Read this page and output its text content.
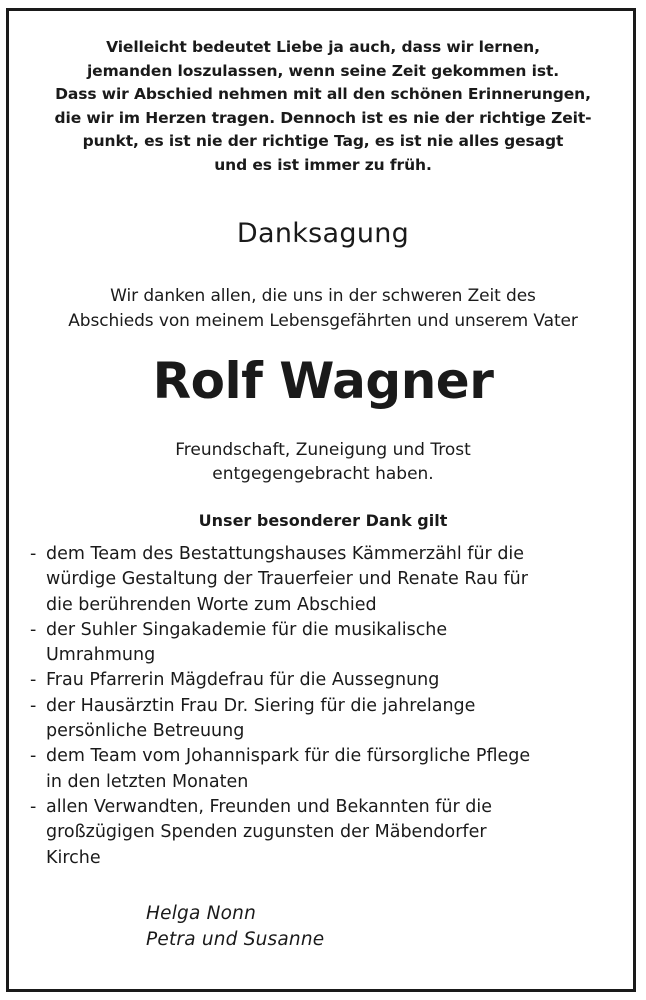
Vielleicht bedeutet Liebe ja auch, dass wir lernen,
jemanden loszulassen, wenn seine Zeit gekommen ist.
Dass wir Abschied nehmen mit all den schönen Erinnerungen,
die wir im Herzen tragen. Dennoch ist es nie der richtige Zeit-
punkt, es ist nie der richtige Tag, es ist nie alles gesagt
und es ist immer zu früh.
Danksagung
Wir danken allen, die uns in der schweren Zeit des
Abschieds von meinem Lebensgefährten und unserem Vater
Rolf Wagner
Freundschaft, Zuneigung und Trost
entgegengebracht haben.
Unser besonderer Dank gilt
- dem Team des Bestattungshauses Kämmerzähl für die
würdige Gestaltung der Trauerfeier und Renate Rau für
die berührenden Worte zum Abschied
- der Suhler Singakademie für die musikalische
Umrahmung
- Frau Pfarrerin Mägdefrau für die Aussegnung
- der Hausärztin Frau Dr. Siering für die jahrelange
persönliche Betreuung
- dem Team vom Johannispark für die fürsorgliche Pflege
in den letzten Monaten
- allen Verwandten, Freunden und Bekannten für die
großzügigen Spenden zugunsten der Mäbendorfer
Kirche
Helga Nonn
Petra und Susanne
